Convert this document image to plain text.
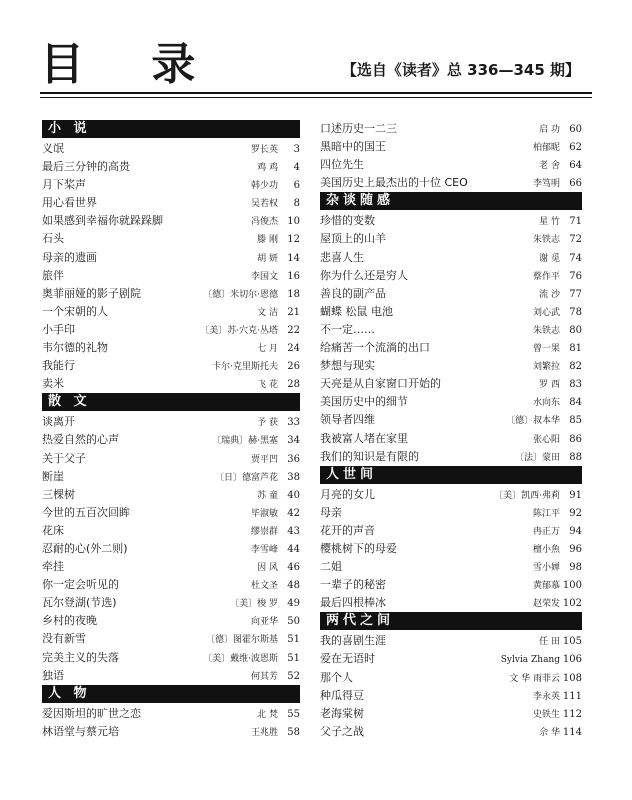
目 录	【选自《读者》总 336—345 期】
小 说
义氓	罗长英	3
最后三分钟的高贵	鸡 鸡	4
月下桨声	韩少功	6
用心看世界	吴若权	8
如果感到幸福你就跺跺脚	冯俊杰 10
石头	滕 刚 12
母亲的遗画	胡 妍 14
旅伴	李国文 16
奥菲丽娅的影子剧院	〔德〕米切尔·恩德 18
一个宋朝的人	文 洁 21
小手印	〔美〕苏·穴克·丛塔 22
韦尔德的礼物	七 月 24
我能行	卡尔·克里斯托夫 26
卖米	飞 花 28
散 文
谈离开	予 获 33
热爱自然的心声	〔瑞典〕赫·黑塞 34
关于父子	贾平凹 36
断崖	〔日〕德富芦花 38
三棵树	苏 童 40
今世的五百次回眸	毕淑敏 42
花床	缪崇群 43
忍耐的心(外二则)	李雪峰 44
牵挂	因 风 46
你一定会听见的	杜文圣 48
瓦尔登湖(节选)	〔美〕梭 罗 49
乡村的夜晚	向亚华 50
没有新雪	〔德〕图霍尔斯基 51
完美主义的失落	〔美〕戴维·波恩斯 51
独语	何其芳 52
人 物
爱因斯坦的旷世之恋	北 梵 55
林语堂与蔡元培	王兆胜 58
口述历史一二三	启 功 60
黑暗中的国王	柏郁昵 62
四位先生	老 舍 64
美国历史上最杰出的十位 CEO	李笃明 66
杂谈随感
珍惜的变数	星 竹 71
屋顶上的山羊	朱铁志 72
悲喜人生	谢 觅 74
你为什么还是穷人	蔡作平 76
善良的副产品	流 沙 77
蝴蝶 松鼠 电池	刘心武 78
不一定……	朱铁志 80
给痛苦一个流淌的出口	曾一果 81
梦想与现实	刘繁拉 82
天亮是从自家窗口开始的	罗 西 83
美国历史中的细节	水向东 84
领导者四维	〔德〕叔本华 85
我被富人堵在家里	张心阳 86
我们的知识是有限的	〔法〕蒙田 88
人世间
月亮的女儿	〔美〕凯西·弗莉 91
母亲	陈江平 92
花开的声音	冉正万 94
樱桃树下的母爱	檀小魚 96
二姐	雪小婵 98
一辈子的秘密	黄郁慕 100
最后四根棒冰	赵荣发 102
两代之间
我的喜剧生涯	任 田 105
爱在无语时	Sylvia Zhang 106
那个人	文 华 雨菲云 108
种瓜得豆	李永英 111
老海棠树	史铁生 112
父子之战	佘 华 114
